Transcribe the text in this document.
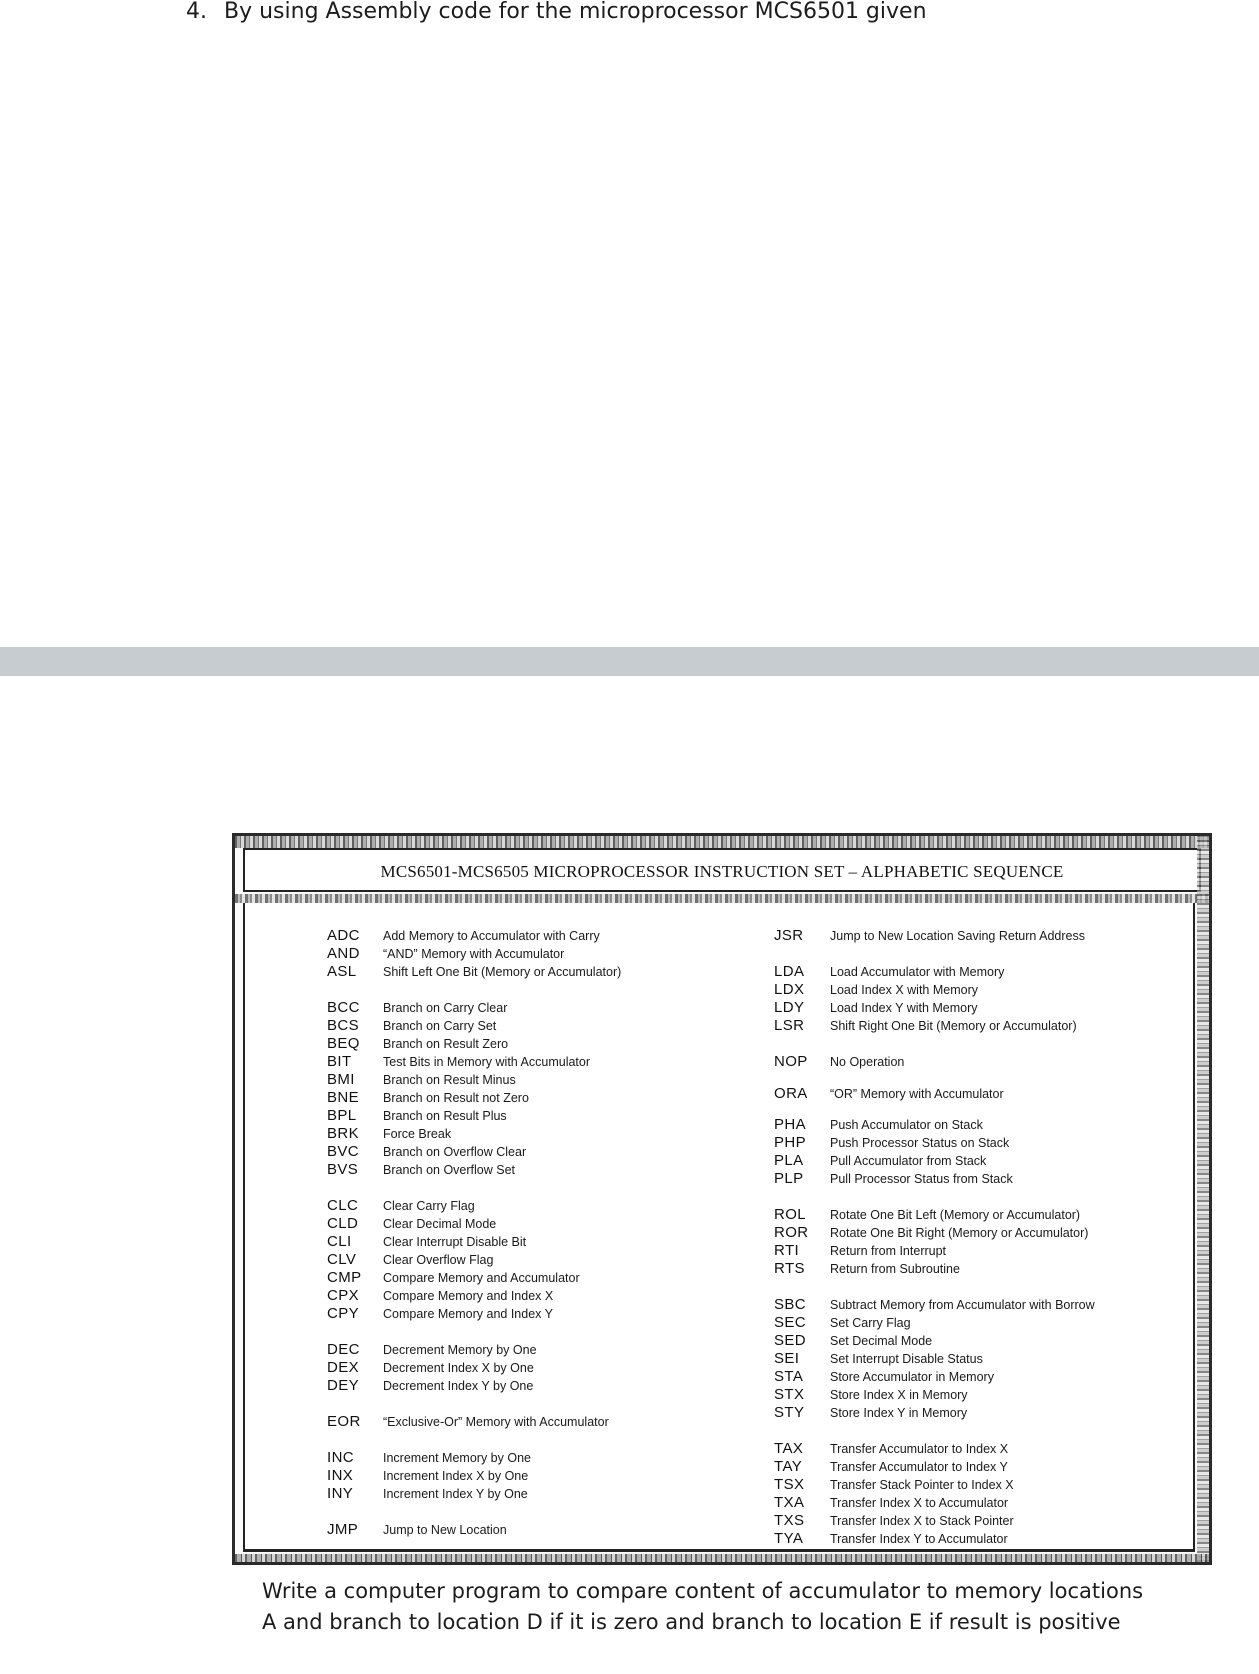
4. By using Assembly code for the microprocessor MCS6501 given
MCS6501-MCS6505 MICROPROCESSOR INSTRUCTION SET – ALPHABETIC SEQUENCE
ADC Add Memory to Accumulator with Carry
AND “AND” Memory with Accumulator
ASL Shift Left One Bit (Memory or Accumulator)
BCC Branch on Carry Clear
BCS Branch on Carry Set
BEQ Branch on Result Zero
BIT	Test Bits in Memory with Accumulator
BMI Branch on Result Minus
BNE Branch on Result not Zero
BPL Branch on Result Plus
BRK Force Break
BVC Branch on Overflow Clear
BVS Branch on Overflow Set
CLC Clear Carry Flag
CLD Clear Decimal Mode
CLI	Clear Interrupt Disable Bit
CLV Clear Overflow Flag
CMP Compare Memory and Accumulator
CPX Compare Memory and Index X
CPY Compare Memory and Index Y
DEC Decrement Memory by One
DEX Decrement Index X by One
DEY Decrement Index Y by One
EOR “Exclusive-Or” Memory with Accumulator
INC Increment Memory by One
INX Increment Index X by One
INY Increment Index Y by One
JMP Jump to New Location
JSR Jump to New Location Saving Return Address
LDA Load Accumulator with Memory
LDX Load Index X with Memory
LDY Load Index Y with Memory
LSR Shift Right One Bit (Memory or Accumulator)
NOP No Operation
ORA “OR” Memory with Accumulator
PHA Push Accumulator on Stack
PHP Push Processor Status on Stack
PLA Pull Accumulator from Stack
PLP Pull Processor Status from Stack
ROL Rotate One Bit Left (Memory or Accumulator)
ROR Rotate One Bit Right (Memory or Accumulator)
RTI Return from Interrupt
RTS Return from Subroutine
SBC Subtract Memory from Accumulator with Borrow
SEC Set Carry Flag
SED Set Decimal Mode
SEI Set Interrupt Disable Status
STA Store Accumulator in Memory
STX Store Index X in Memory
STY Store Index Y in Memory
TAX Transfer Accumulator to Index X
TAY Transfer Accumulator to Index Y
TSX Transfer Stack Pointer to Index X
TXA Transfer Index X to Accumulator
TXS Transfer Index X to Stack Pointer
TYA Transfer Index Y to Accumulator
Write a computer program to compare content of accumulator to memory locations A and branch to location D if it is zero and branch to location E if result is positive
